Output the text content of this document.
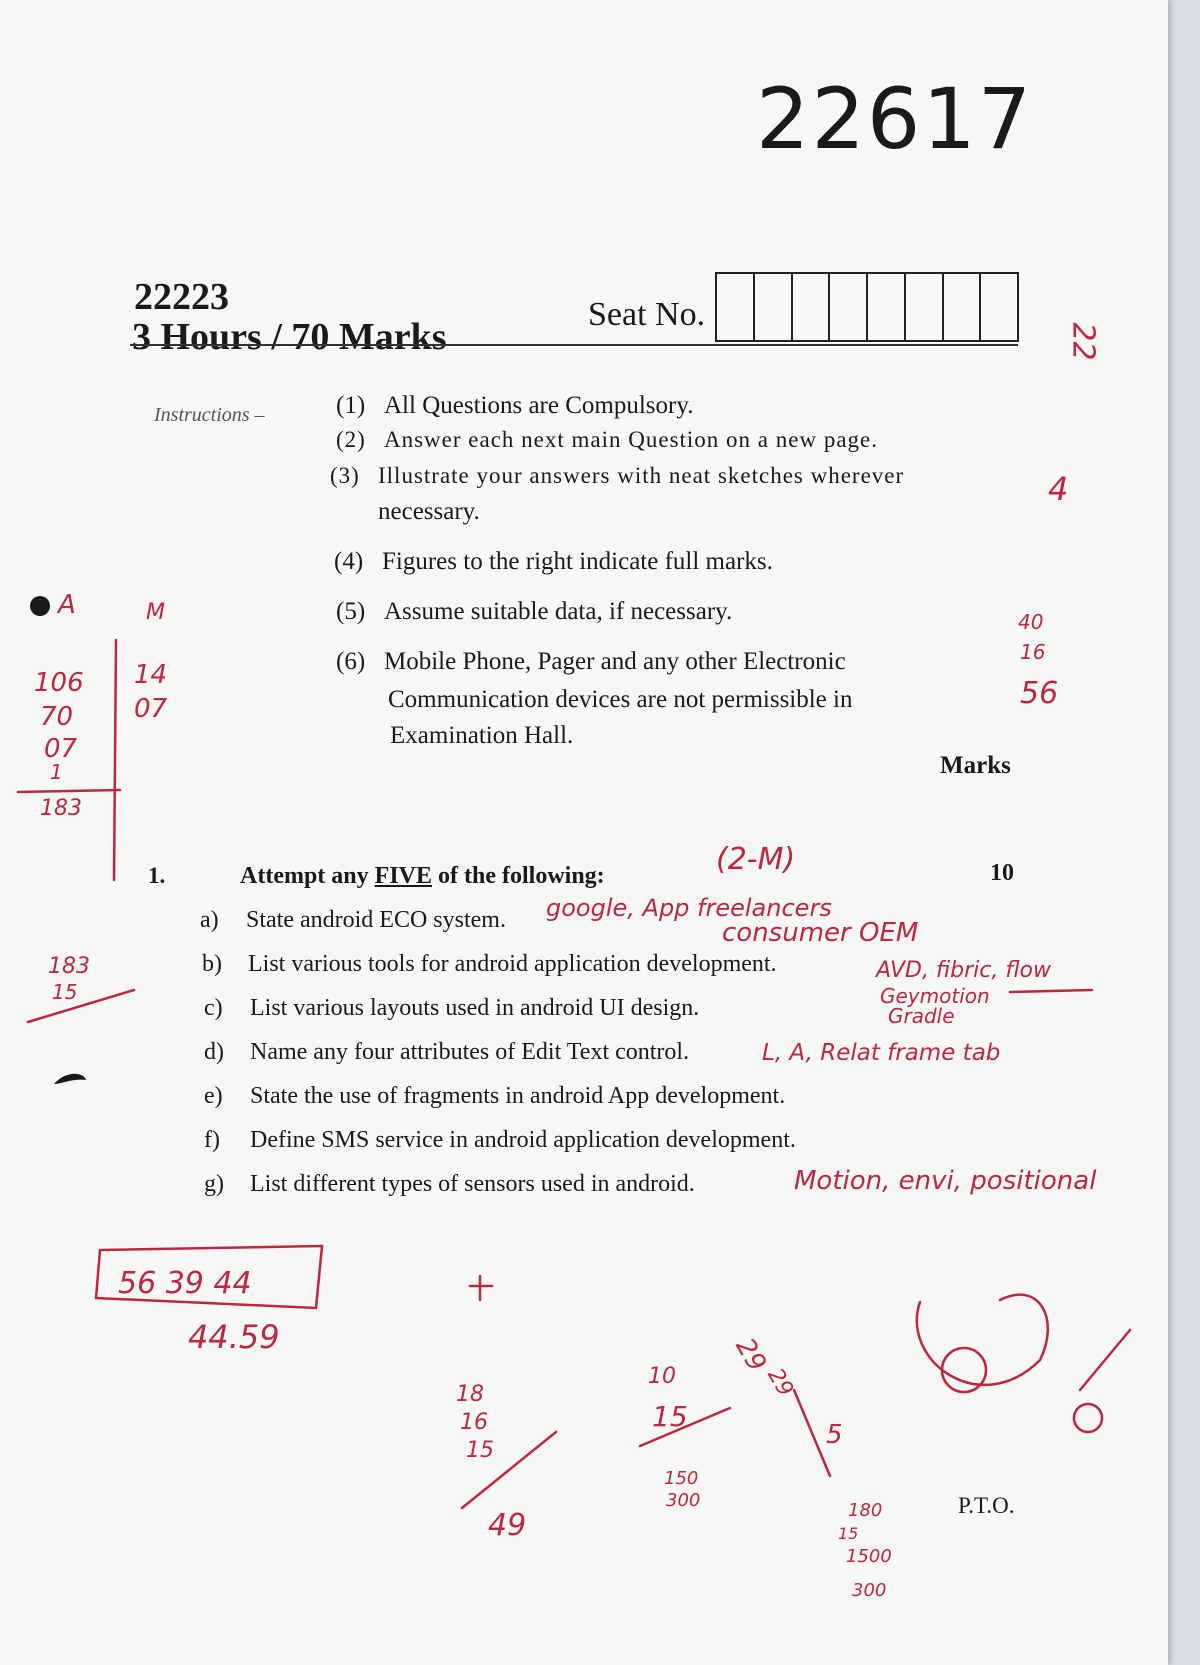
22617
22223
3 Hours / 70 Marks
Seat No.
Instructions –	(1) All Questions are Compulsory.
(2) Answer each next main Question on a new page.
(3) Illustrate your answers with neat sketches wherever
necessary.
(4) Figures to the right indicate full marks.
(5) Assume suitable data, if necessary.
(6) Mobile Phone, Pager and any other Electronic
Communication devices are not permissible in
Examination Hall.
Marks
1.	Attempt any FIVE of the following:	10
a) State android ECO system.
b) List various tools for android application development.
c) List various layouts used in android UI design.
d) Name any four attributes of Edit Text control.
e) State the use of fragments in android App development.
f) Define SMS service in android application development.
g) List different types of sensors used in android.
P.T.O.
A	M
106
70
07
1
183
14
07
22
4
40
16
56
(2-M)
google, App freelancers
consumer OEM
AVD, fibric, flow
Geymotion
Gradle
L, A, Relat frame tab
Motion, envi, positional
183
15
56 39 44
44.59
18
16
15
49
10
15
150
300
29
29
5
180
15
1500
300
